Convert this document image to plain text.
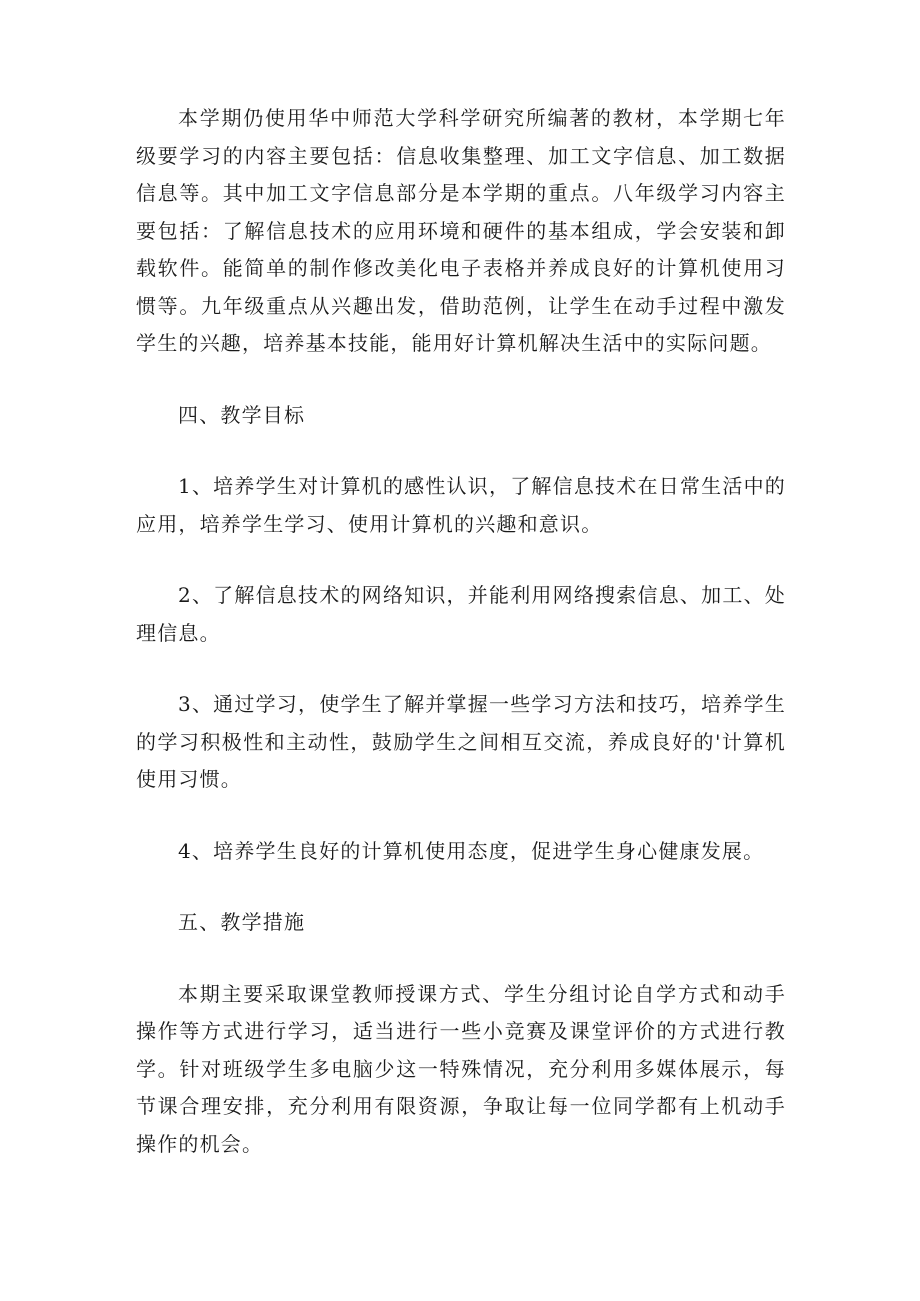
本学期仍使用华中师范大学科学研究所编著的教材，本学期七年级要学习的内容主要包括：信息收集整理、加工文字信息、加工数据信息等。其中加工文字信息部分是本学期的重点。八年级学习内容主要包括：了解信息技术的应用环境和硬件的基本组成，学会安装和卸载软件。能简单的制作修改美化电子表格并养成良好的计算机使用习惯等。九年级重点从兴趣出发，借助范例，让学生在动手过程中激发学生的兴趣，培养基本技能，能用好计算机解决生活中的实际问题。

四、教学目标

1、培养学生对计算机的感性认识，了解信息技术在日常生活中的应用，培养学生学习、使用计算机的兴趣和意识。

2、了解信息技术的网络知识，并能利用网络搜索信息、加工、处理信息。

3、通过学习，使学生了解并掌握一些学习方法和技巧，培养学生的学习积极性和主动性，鼓励学生之间相互交流，养成良好的'计算机使用习惯。

4、培养学生良好的计算机使用态度，促进学生身心健康发展。

五、教学措施

本期主要采取课堂教师授课方式、学生分组讨论自学方式和动手操作等方式进行学习，适当进行一些小竞赛及课堂评价的方式进行教学。针对班级学生多电脑少这一特殊情况，充分利用多媒体展示，每节课合理安排，充分利用有限资源，争取让每一位同学都有上机动手操作的机会。
